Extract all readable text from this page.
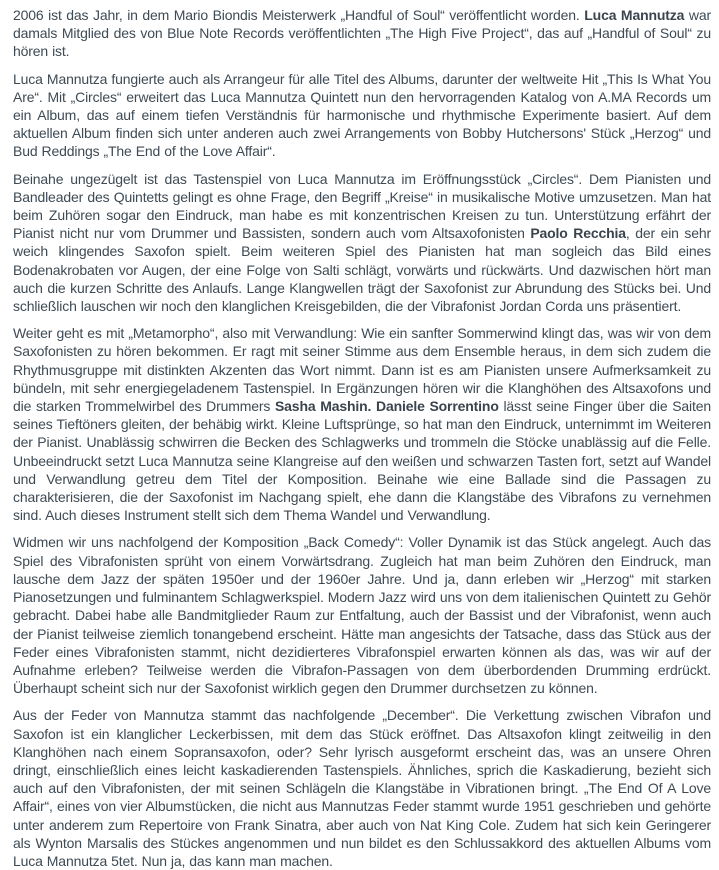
2006 ist das Jahr, in dem Mario Biondis Meisterwerk „Handful of Soul“ veröffentlicht worden. Luca Mannutza war damals Mitglied des von Blue Note Records veröffentlichten „The High Five Project“, das auf „Handful of Soul“ zu hören ist.

Luca Mannutza fungierte auch als Arrangeur für alle Titel des Albums, darunter der weltweite Hit „This Is What You Are“. Mit „Circles“ erweitert das Luca Mannutza Quintett nun den hervorragenden Katalog von A.MA Records um ein Album, das auf einem tiefen Verständnis für harmonische und rhythmische Experimente basiert. Auf dem aktuellen Album finden sich unter anderen auch zwei Arrangements von Bobby Hutchersons' Stück „Herzog“ und Bud Reddings „The End of the Love Affair“.

Beinahe ungezügelt ist das Tastenspiel von Luca Mannutza im Eröffnungsstück „Circles“. Dem Pianisten und Bandleader des Quintetts gelingt es ohne Frage, den Begriff „Kreise“ in musikalische Motive umzusetzen. Man hat beim Zuhören sogar den Eindruck, man habe es mit konzentrischen Kreisen zu tun. Unterstützung erfährt der Pianist nicht nur vom Drummer und Bassisten, sondern auch vom Altsaxofonisten Paolo Recchia, der ein sehr weich klingendes Saxofon spielt. Beim weiteren Spiel des Pianisten hat man sogleich das Bild eines Bodenakrobaten vor Augen, der eine Folge von Salti schlägt, vorwärts und rückwärts. Und dazwischen hört man auch die kurzen Schritte des Anlaufs. Lange Klangwellen trägt der Saxofonist zur Abrundung des Stücks bei. Und schließlich lauschen wir noch den klanglichen Kreisgebilden, die der Vibrafonist Jordan Corda uns präsentiert.

Weiter geht es mit „Metamorpho“, also mit Verwandlung: Wie ein sanfter Sommerwind klingt das, was wir von dem Saxofonisten zu hören bekommen. Er ragt mit seiner Stimme aus dem Ensemble heraus, in dem sich zudem die Rhythmusgruppe mit distinkten Akzenten das Wort nimmt. Dann ist es am Pianisten unsere Aufmerksamkeit zu bündeln, mit sehr energiegeladenem Tastenspiel. In Ergänzungen hören wir die Klanghöhen des Altsaxofons und die starken Trommelwirbel des Drummers Sasha Mashin. Daniele Sorrentino lässt seine Finger über die Saiten seines Tieftöners gleiten, der behäbig wirkt. Kleine Luftsprünge, so hat man den Eindruck, unternimmt im Weiteren der Pianist. Unablässig schwirren die Becken des Schlagwerks und trommeln die Stöcke unablässig auf die Felle. Unbeeindruckt setzt Luca Mannutza seine Klangreise auf den weißen und schwarzen Tasten fort, setzt auf Wandel und Verwandlung getreu dem Titel der Komposition. Beinahe wie eine Ballade sind die Passagen zu charakterisieren, die der Saxofonist im Nachgang spielt, ehe dann die Klangstäbe des Vibrafons zu vernehmen sind. Auch dieses Instrument stellt sich dem Thema Wandel und Verwandlung.

Widmen wir uns nachfolgend der Komposition „Back Comedy“: Voller Dynamik ist das Stück angelegt. Auch das Spiel des Vibrafonisten sprüht von einem Vorwärtsdrang. Zugleich hat man beim Zuhören den Eindruck, man lausche dem Jazz der späten 1950er und der 1960er Jahre. Und ja, dann erleben wir „Herzog“ mit starken Pianosetzungen und fulminantem Schlagwerkspiel. Modern Jazz wird uns von dem italienischen Quintett zu Gehör gebracht. Dabei habe alle Bandmitglieder Raum zur Entfaltung, auch der Bassist und der Vibrafonist, wenn auch der Pianist teilweise ziemlich tonangebend erscheint. Hätte man angesichts der Tatsache, dass das Stück aus der Feder eines Vibrafonisten stammt, nicht dezidierteres Vibrafonspiel erwarten können als das, was wir auf der Aufnahme erleben? Teilweise werden die Vibrafon-Passagen von dem überbordenden Drumming erdrückt. Überhaupt scheint sich nur der Saxofonist wirklich gegen den Drummer durchsetzen zu können.

Aus der Feder von Mannutza stammt das nachfolgende „December“. Die Verkettung zwischen Vibrafon und Saxofon ist ein klanglicher Leckerbissen, mit dem das Stück eröffnet. Das Altsaxofon klingt zeitweilig in den Klanghöhen nach einem Sopransaxofon, oder? Sehr lyrisch ausgeformt erscheint das, was an unsere Ohren dringt, einschließlich eines leicht kaskadierenden Tastenspiels. Ähnliches, sprich die Kaskadierung, bezieht sich auch auf den Vibrafonisten, der mit seinen Schlägeln die Klangstäbe in Vibrationen bringt. „The End Of A Love Affair“, eines von vier Albumstücken, die nicht aus Mannutzas Feder stammt wurde 1951 geschrieben und gehörte unter anderem zum Repertoire von Frank Sinatra, aber auch von Nat King Cole. Zudem hat sich kein Geringerer als Wynton Marsalis des Stückes angenommen und nun bildet es den Schlussakkord des aktuellen Albums vom Luca Mannutza 5tet. Nun ja, das kann man machen.
